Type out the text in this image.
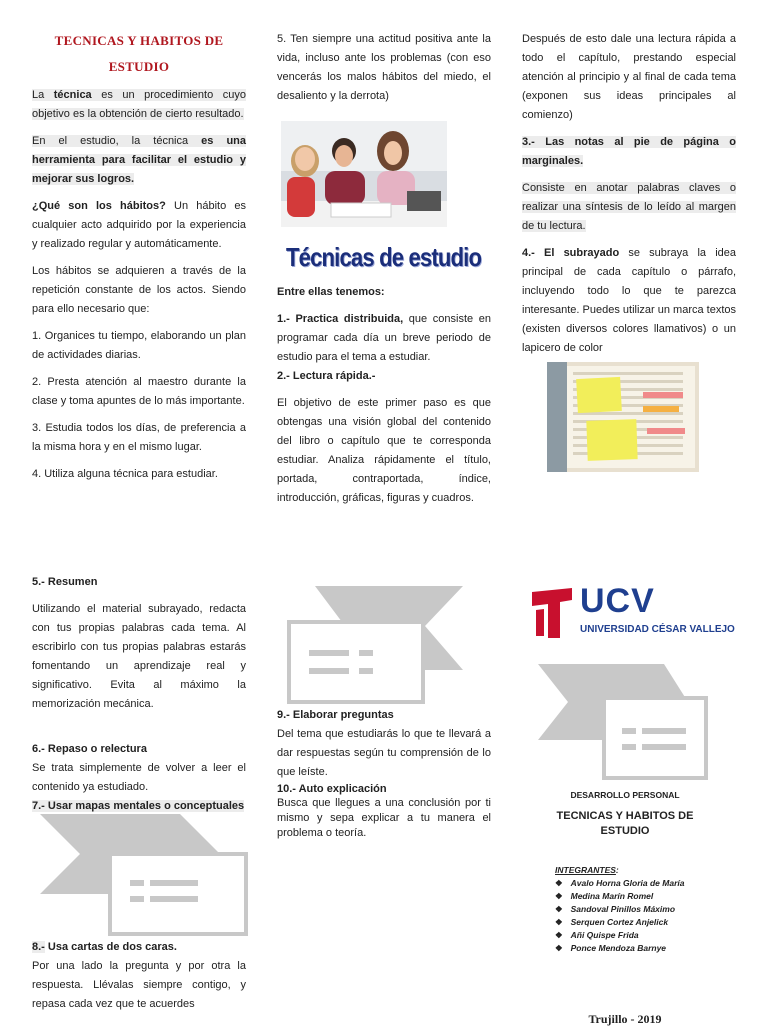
TECNICAS Y HABITOS DE
ESTUDIO

La técnica es un procedimiento cuyo objetivo es la obtención de cierto resultado.

En el estudio, la técnica es una herramienta para facilitar el estudio y mejorar sus logros.

¿Qué son los hábitos? Un hábito es cualquier acto adquirido por la experiencia y realizado regular y automáticamente.

Los hábitos se adquieren a través de la repetición constante de los actos. Siendo para ello necesario que:

1. Organices tu tiempo, elaborando un plan de actividades diarias.

2. Presta atención al maestro durante la clase y toma apuntes de lo más importante.

3. Estudia todos los días, de preferencia a la misma hora y en el mismo lugar.

4. Utiliza alguna técnica para estudiar.

5. Ten siempre una actitud positiva ante la vida, incluso ante los problemas (con eso vencerás los malos hábitos del miedo, el desaliento y la derrota)

Técnicas de estudio

Entre ellas tenemos:

1.- Practica distribuida, que consiste en programar cada día un breve periodo de estudio para el tema a estudiar.

2.- Lectura rápida.-

El objetivo de este primer paso es que obtengas una visión global del contenido del libro o capítulo que te corresponda estudiar. Analiza rápidamente el título, portada, contraportada, índice, introducción, gráficas, figuras y cuadros.

Después de esto dale una lectura rápida a todo el capítulo, prestando especial atención al principio y al final de cada tema (exponen sus ideas principales al comienzo)

3.- Las notas al pie de página o marginales.

Consiste en anotar palabras claves o realizar una síntesis de lo leído al margen de tu lectura.

4.- El subrayado se subraya la idea principal de cada capítulo o párrafo, incluyendo todo lo que te parezca interesante. Puedes utilizar un marca textos (existen diversos colores llamativos) o un lapicero de color

5.- Resumen

Utilizando el material subrayado, redacta con tus propias palabras cada tema. Al escribirlo con tus propias palabras estarás fomentando un aprendizaje real y significativo. Evita al máximo la memorización mecánica.

6.- Repaso o relectura

Se trata simplemente de volver a leer el contenido ya estudiado.

7.- Usar mapas mentales o conceptuales

8.- Usa cartas de dos caras.

Por una lado la pregunta y por otra la respuesta. Llévalas siempre contigo, y repasa cada vez que te acuerdes

9.- Elaborar preguntas

Del tema que estudiarás lo que te llevará a dar respuestas según tu comprensión de lo que leíste.

10.- Auto explicación

Busca que llegues a una conclusión por ti mismo y sepa explicar a tu manera el problema o teoría.

UCV
UNIVERSIDAD CÉSAR VALLEJO
DESARROLLO PERSONAL
TECNICAS Y HABITOS DE
ESTUDIO
INTEGRANTES:
❖ Avalo Horna Gloria de María
❖ Medina Marín Romel
❖ Sandoval Pinillos Máximo
❖ Serquen Cortez Anjelick
❖ Añi Quispe Frida
❖ Ponce Mendoza Barnye
Trujillo - 2019
